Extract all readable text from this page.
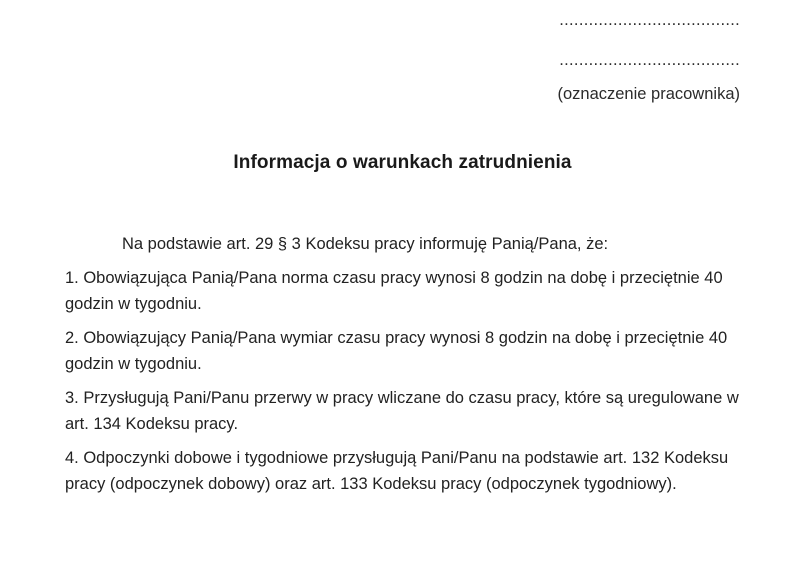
.....................................
.....................................
(oznaczenie pracownika)
Informacja o warunkach zatrudnienia

Na podstawie art. 29 § 3 Kodeksu pracy informuję Panią/Pana, że:

1. Obowiązująca Panią/Pana norma czasu pracy wynosi 8 godzin na dobę i przeciętnie 40 godzin w tygodniu.

2. Obowiązujący Panią/Pana wymiar czasu pracy wynosi 8 godzin na dobę i przeciętnie 40 godzin w tygodniu.

3. Przysługują Pani/Panu przerwy w pracy wliczane do czasu pracy, które są uregulowane w art. 134 Kodeksu pracy.

4. Odpoczynki dobowe i tygodniowe przysługują Pani/Panu na podstawie art. 132 Kodeksu pracy (odpoczynek dobowy) oraz art. 133 Kodeksu pracy (odpoczynek tygodniowy).
